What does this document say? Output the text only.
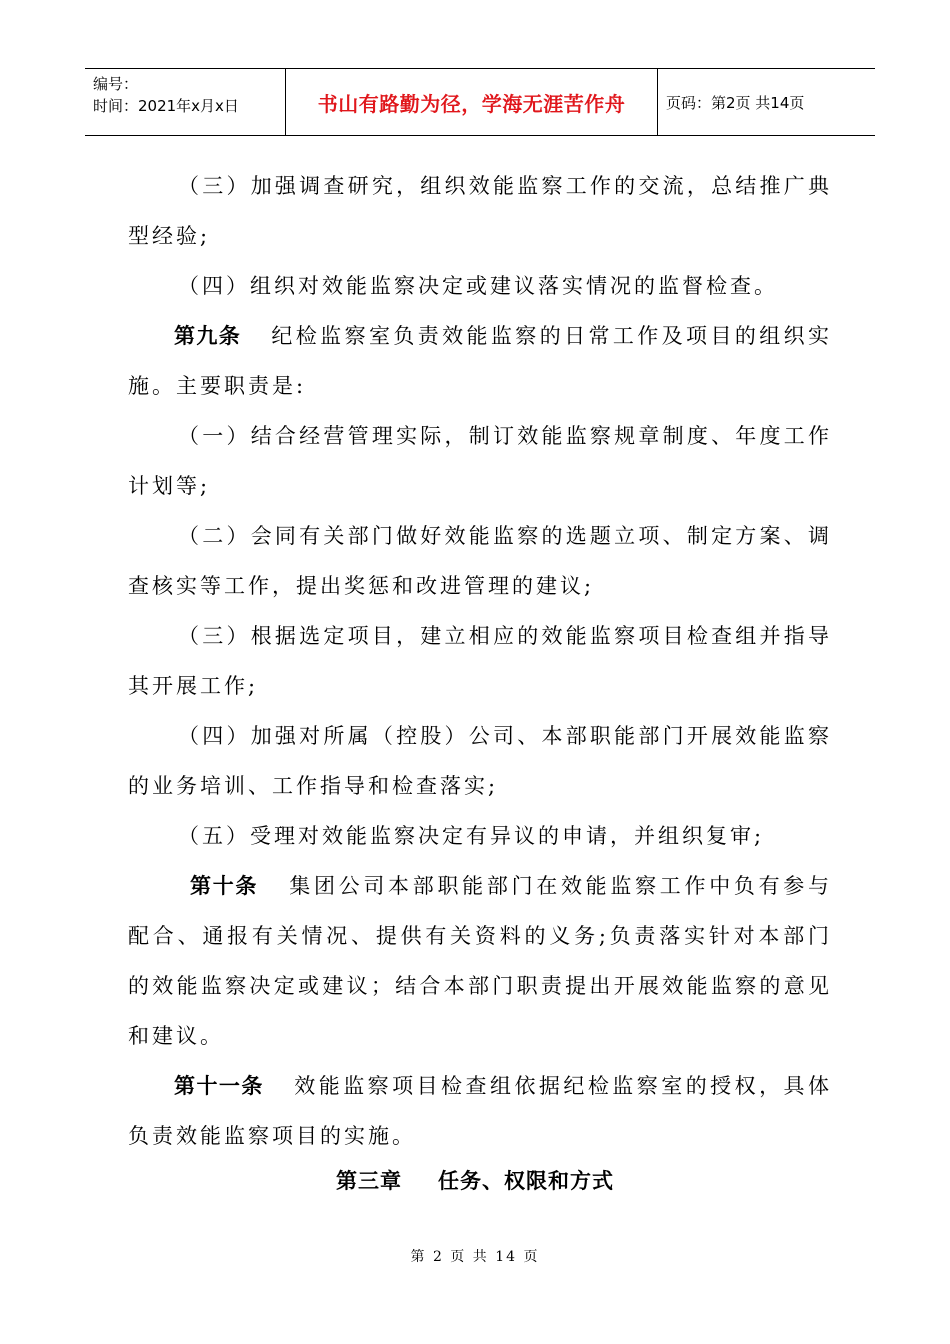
编号：
时间：2021年x月x日	书山有路勤为径，学海无涯苦作舟	页码：第2页 共14页

（三）加强调查研究，组织效能监察工作的交流，总结推广典型经验;

（四）组织对效能监察决定或建议落实情况的监督检查。

第九条 纪检监察室负责效能监察的日常工作及项目的组织实施。主要职责是:

（一）结合经营管理实际，制订效能监察规章制度、年度工作计划等;

（二）会同有关部门做好效能监察的选题立项、制定方案、调查核实等工作，提出奖惩和改进管理的建议;

（三）根据选定项目，建立相应的效能监察项目检查组并指导其开展工作;

（四）加强对所属（控股）公司、本部职能部门开展效能监察的业务培训、工作指导和检查落实;

（五）受理对效能监察决定有异议的申请，并组织复审;

第十条 集团公司本部职能部门在效能监察工作中负有参与配合、通报有关情况、提供有关资料的义务;负责落实针对本部门的效能监察决定或建议；结合本部门职责提出开展效能监察的意见和建议。

第十一条 效能监察项目检查组依据纪检监察室的授权，具体负责效能监察项目的实施。

第三章 任务、权限和方式
第 2 页 共 14 页
